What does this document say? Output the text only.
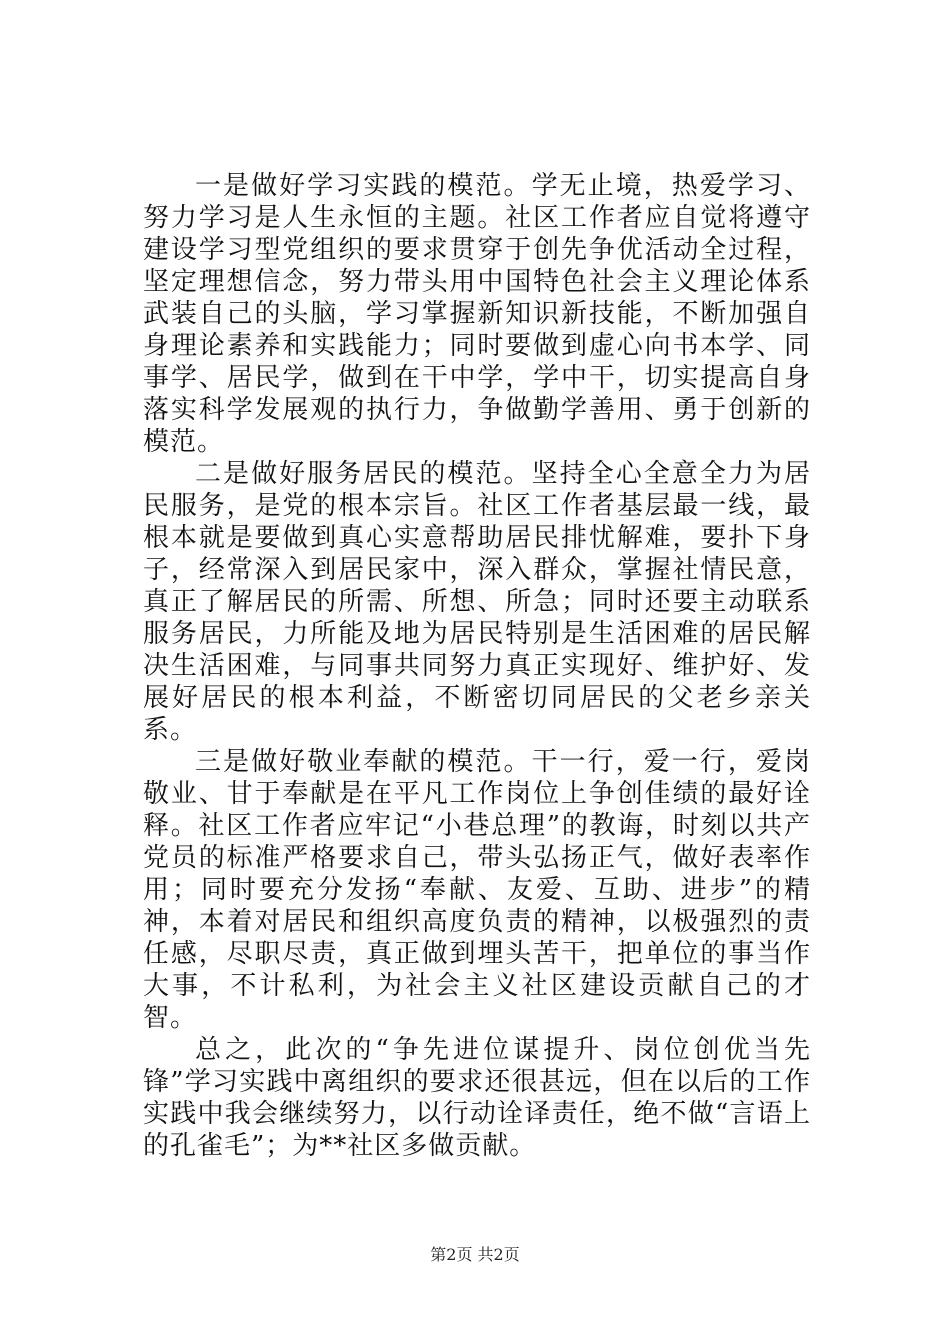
一是做好学习实践的模范。学无止境，热爱学习、努力学习是人生永恒的主题。社区工作者应自觉将遵守建设学习型党组织的要求贯穿于创先争优活动全过程，坚定理想信念，努力带头用中国特色社会主义理论体系武装自己的头脑，学习掌握新知识新技能，不断加强自身理论素养和实践能力；同时要做到虚心向书本学、同事学、居民学，做到在干中学，学中干，切实提高自身落实科学发展观的执行力，争做勤学善用、勇于创新的模范。

二是做好服务居民的模范。坚持全心全意全力为居民服务，是党的根本宗旨。社区工作者基层最一线，最根本就是要做到真心实意帮助居民排忧解难，要扑下身子，经常深入到居民家中，深入群众，掌握社情民意，真正了解居民的所需、所想、所急；同时还要主动联系服务居民，力所能及地为居民特别是生活困难的居民解决生活困难，与同事共同努力真正实现好、维护好、发展好居民的根本利益，不断密切同居民的父老乡亲关系。

三是做好敬业奉献的模范。干一行，爱一行，爱岗敬业、甘于奉献是在平凡工作岗位上争创佳绩的最好诠释。社区工作者应牢记“小巷总理”的教诲，时刻以共产党员的标准严格要求自己，带头弘扬正气，做好表率作用；同时要充分发扬“奉献、友爱、互助、进步”的精神，本着对居民和组织高度负责的精神，以极强烈的责任感，尽职尽责，真正做到埋头苦干，把单位的事当作大事，不计私利，为社会主义社区建设贡献自己的才智。

总之，此次的“争先进位谋提升、岗位创优当先锋”学习实践中离组织的要求还很甚远，但在以后的工作实践中我会继续努力，以行动诠译责任，绝不做“言语上的孔雀毛”；为**社区多做贡献。

第2页 共2页
